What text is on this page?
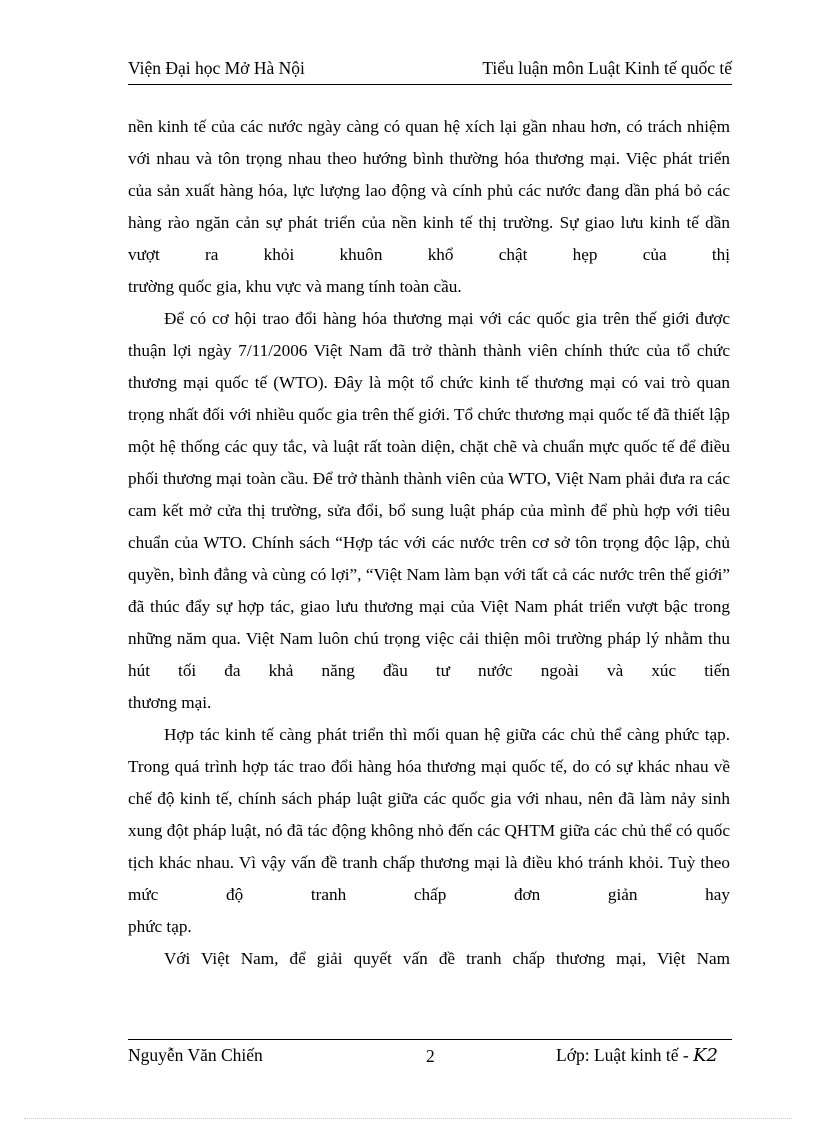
Viện Đại học Mở Hà Nội	Tiểu luận môn Luật Kinh tế quốc tế

nền kinh tế của các nước ngày càng có quan hệ xích lại gần nhau hơn, có trách nhiệm với nhau và tôn trọng nhau theo hướng bình thường hóa thương mại. Việc phát triển của sản xuất hàng hóa, lực lượng lao động và cính phủ các nước đang dần phá bỏ các hàng rào ngăn cản sự phát triển của nền kinh tế thị trường. Sự giao lưu kinh tế dần vượt ra khỏi khuôn khổ chật hẹp của thị

trường quốc gia, khu vực và mang tính toàn cầu.

Để có cơ hội trao đổi hàng hóa thương mại với các quốc gia trên thế giới được thuận lợi ngày 7/11/2006 Việt Nam đã trở thành thành viên chính thức của tổ chức thương mại quốc tế (WTO). Đây là một tổ chức kinh tế thương mại có vai trò quan trọng nhất đối với nhiều quốc gia trên thế giới. Tổ chức thương mại quốc tế đã thiết lập một hệ thống các quy tắc, và luật rất toàn diện, chặt chẽ và chuẩn mực quốc tế để điều phối thương mại toàn cầu. Để trở thành thành viên của WTO, Việt Nam phải đưa ra các cam kết mở cửa thị trường, sửa đổi, bổ sung luật pháp của mình để phù hợp với tiêu chuẩn của WTO. Chính sách “Hợp tác với các nước trên cơ sở tôn trọng độc lập, chủ quyền, bình đẳng và cùng có lợi”, “Việt Nam làm bạn với tất cả các nước trên thế giới” đã thúc đẩy sự hợp tác, giao lưu thương mại của Việt Nam phát triển vượt bậc trong những năm qua. Việt Nam luôn chú trọng việc cải thiện môi trường pháp lý nhằm thu hút tối đa khả năng đầu tư nước ngoài và xúc tiến

thương mại.

Hợp tác kinh tế càng phát triển thì mối quan hệ giữa các chủ thể càng phức tạp. Trong quá trình hợp tác trao đổi hàng hóa thương mại quốc tế, do có sự khác nhau về chế độ kinh tế, chính sách pháp luật giữa các quốc gia với nhau, nên đã làm nảy sinh xung đột pháp luật, nó đã tác động không nhỏ đến các QHTM giữa các chủ thể có quốc tịch khác nhau. Vì vậy vấn đề tranh chấp thương mại là điều khó tránh khỏi. Tuỳ theo mức độ tranh chấp đơn giản hay

phức tạp.

Với Việt Nam, để giải quyết vấn đề tranh chấp thương mại, Việt Nam

Nguyễn Văn Chiến	2	Lớp: Luật kinh tế - K2
